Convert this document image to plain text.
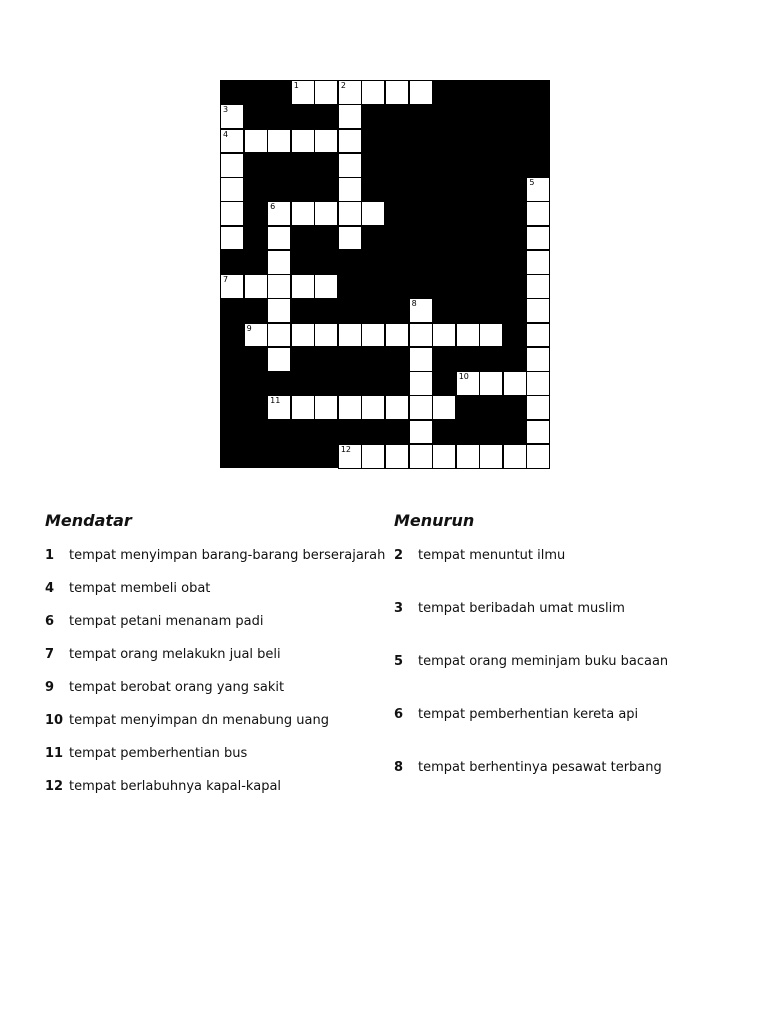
1	2
3
4
5
6
7
8
9
10
11
12
Mendatar
1 tempat menyimpan barang-barang berserajarah
4 tempat membeli obat
6 tempat petani menanam padi
7 tempat orang melakukn jual beli
9 tempat berobat orang yang sakit
10 tempat menyimpan dn menabung uang
11 tempat pemberhentian bus
12 tempat berlabuhnya kapal-kapal
Menurun
2 tempat menuntut ilmu
3 tempat beribadah umat muslim
5 tempat orang meminjam buku bacaan
6 tempat pemberhentian kereta api
8 tempat berhentinya pesawat terbang
